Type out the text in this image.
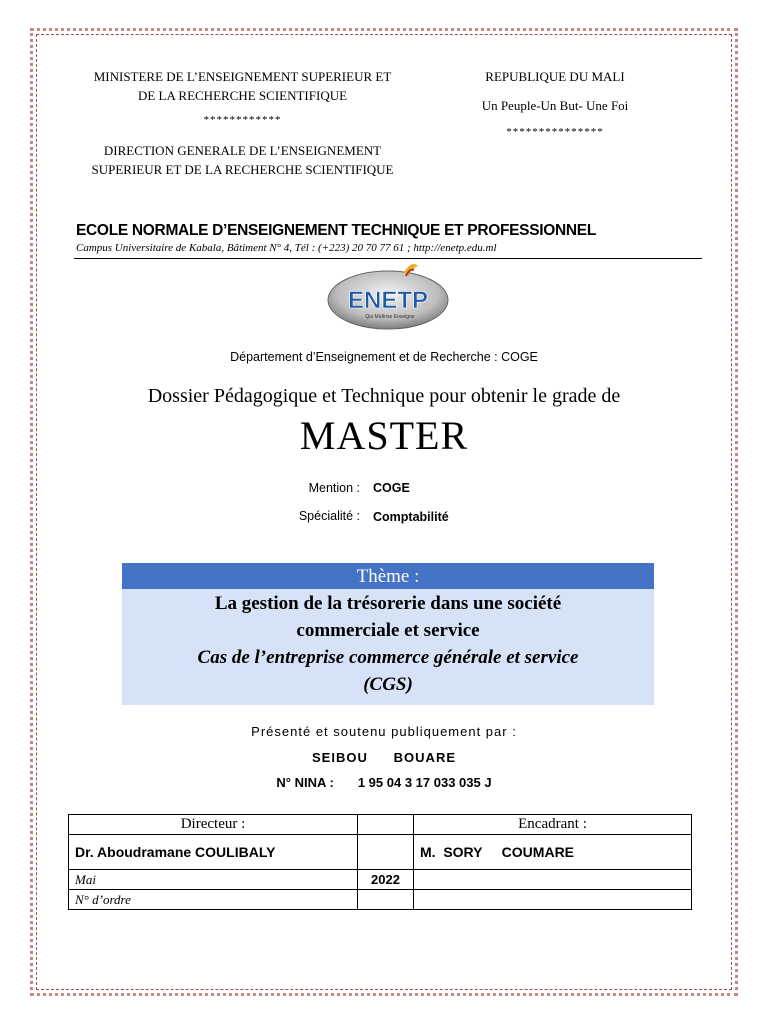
MINISTERE DE L’ENSEIGNEMENT SUPERIEUR ET
DE LA RECHERCHE SCIENTIFIQUE
************
DIRECTION GENERALE DE L’ENSEIGNEMENT
SUPERIEUR ET DE LA RECHERCHE SCIENTIFIQUE
REPUBLIQUE DU MALI
Un Peuple-Un But- Une Foi
***************
ECOLE NORMALE D’ENSEIGNEMENT TECHNIQUE ET PROFESSIONNEL
Campus Universitaire de Kabala, Bâtiment N° 4, Tél : (+223) 20 70 77 61 ; http://enetp.edu.ml
ENETP
Qui Maîtrise Enseigne
Département d’Enseignement et de Recherche : COGE
Dossier Pédagogique et Technique pour obtenir le grade de
MASTER
Mention : COGE
Spécialité : Comptabilité
Thème :
La gestion de la trésorerie dans une société
commerciale et service
Cas de l’entreprise commerce générale et service
(CGS)
Présenté et soutenu publiquement par :
SEIBOU   BOUARE
N° NINA : 1 95 04 3 17 033 035 J
Directeur :		Encadrant :
Dr. Aboudramane COULIBALY		M.  SORY     COUMARE
Mai	2022	
N° d’ordre		
